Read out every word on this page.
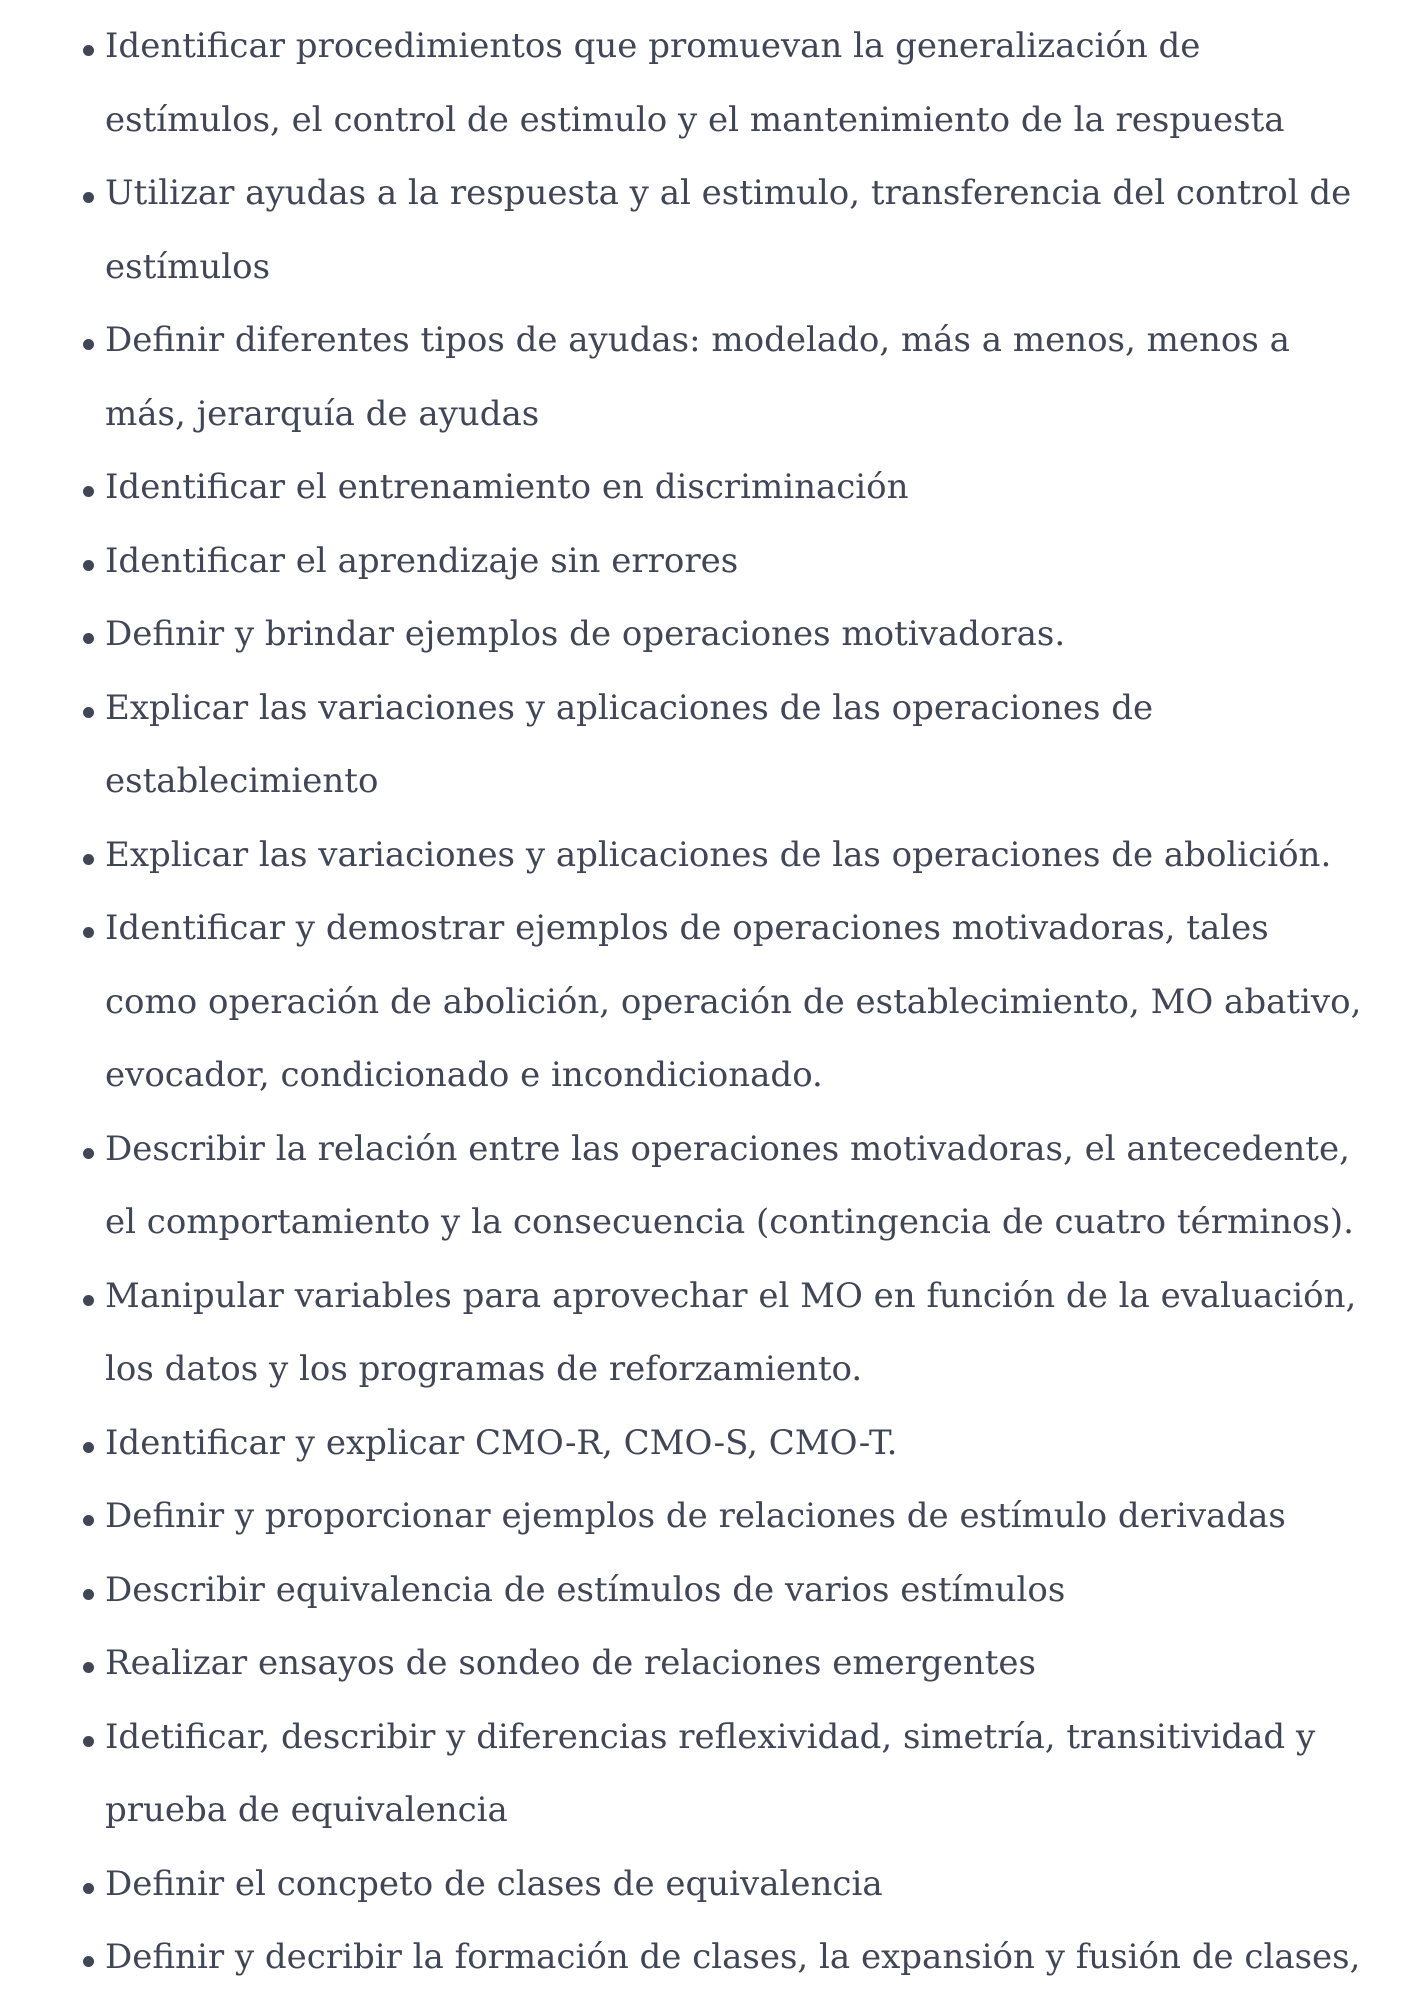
Identificar procedimientos que promuevan la generalización de
estímulos, el control de estimulo y el mantenimiento de la respuesta
Utilizar ayudas a la respuesta y al estimulo, transferencia del control de
estímulos
Definir diferentes tipos de ayudas: modelado, más a menos, menos a
más, jerarquía de ayudas
Identificar el entrenamiento en discriminación
Identificar el aprendizaje sin errores
Definir y brindar ejemplos de operaciones motivadoras.
Explicar las variaciones y aplicaciones de las operaciones de
establecimiento
Explicar las variaciones y aplicaciones de las operaciones de abolición.
Identificar y demostrar ejemplos de operaciones motivadoras, tales
como operación de abolición, operación de establecimiento, MO abativo,
evocador, condicionado e incondicionado.
Describir la relación entre las operaciones motivadoras, el antecedente,
el comportamiento y la consecuencia (contingencia de cuatro términos).
Manipular variables para aprovechar el MO en función de la evaluación,
los datos y los programas de reforzamiento.
Identificar y explicar CMO-R, CMO-S, CMO-T.
Definir y proporcionar ejemplos de relaciones de estímulo derivadas
Describir equivalencia de estímulos de varios estímulos
Realizar ensayos de sondeo de relaciones emergentes
Idetificar, describir y diferencias reflexividad, simetría, transitividad y
prueba de equivalencia
Definir el concpeto de clases de equivalencia
Definir y decribir la formación de clases, la expansión y fusión de clases,
